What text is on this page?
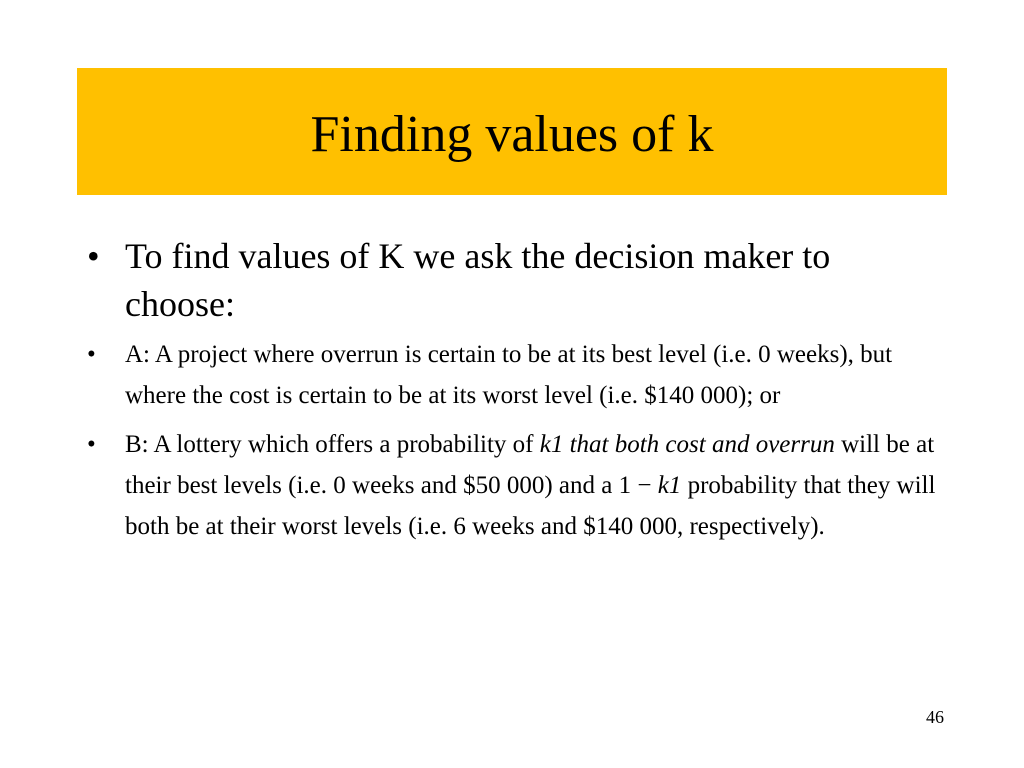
Finding values of k
• To find values of K we ask the decision maker to choose:
• A: A project where overrun is certain to be at its best level (i.e. 0 weeks), but where the cost is certain to be at its worst level (i.e. $140 000); or
• B: A lottery which offers a probability of k1 that both cost and overrun will be at their best levels (i.e. 0 weeks and $50 000) and a 1 − k1 probability that they will both be at their worst levels (i.e. 6 weeks and $140 000, respectively).
46
